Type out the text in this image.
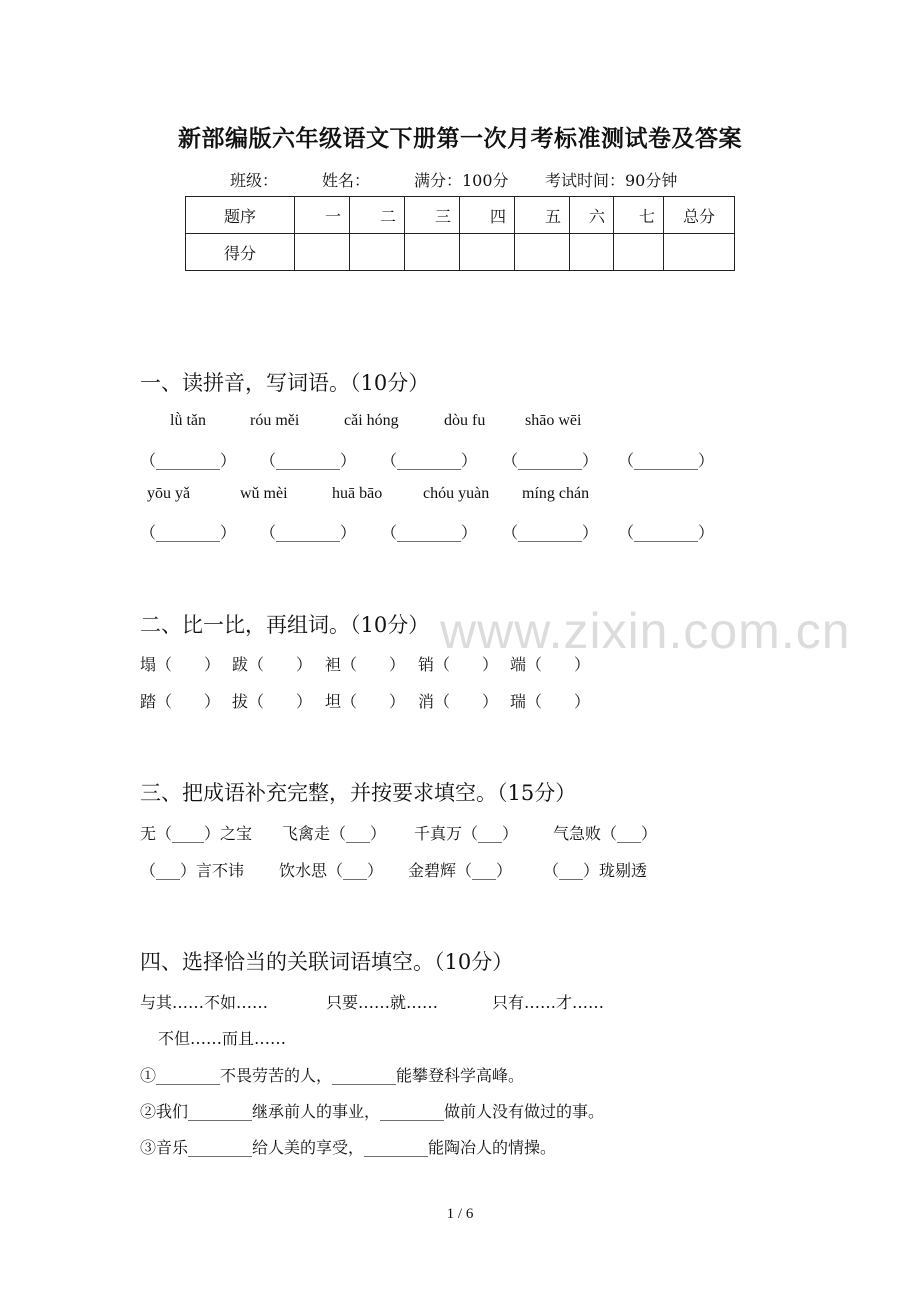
新部编版六年级语文下册第一次月考标准测试卷及答案
班级：	姓名：	满分：100分 考试时间：90分钟
题序	一	二	三	四	五	六	七	总分
得分								
一、读拼音，写词语。（10分）
lǜ tǎn	róu měi	cǎi hóng	dòu fu shāo wēi
（________） （________） （________） （________） （________）
yōu yǎ	wǔ mèi	huā bāo	chóu yuàn míng chán
（________） （________） （________） （________） （________）
www.zixin.com.cn
二、比一比，再组词。（10分）
塌（　　） 跋（　　） 袒（　　） 销（　　） 端（　　）
踏（　　） 拔（　　） 坦（　　） 消（　　） 瑞（　　）
三、把成语补充完整，并按要求填空。（15分）
无（____）之宝 飞禽走（___） 千真万（___） 气急败（___）
（___）言不讳 饮水思（___） 金碧辉（___） （___）珑剔透
四、选择恰当的关联词语填空。（10分）
与其……不如……	只要……就……	只有……才……
不但……而且……
①________不畏劳苦的人，________能攀登科学高峰。
②我们________继承前人的事业，________做前人没有做过的事。
③音乐________给人美的享受，________能陶冶人的情操。
1 / 6
